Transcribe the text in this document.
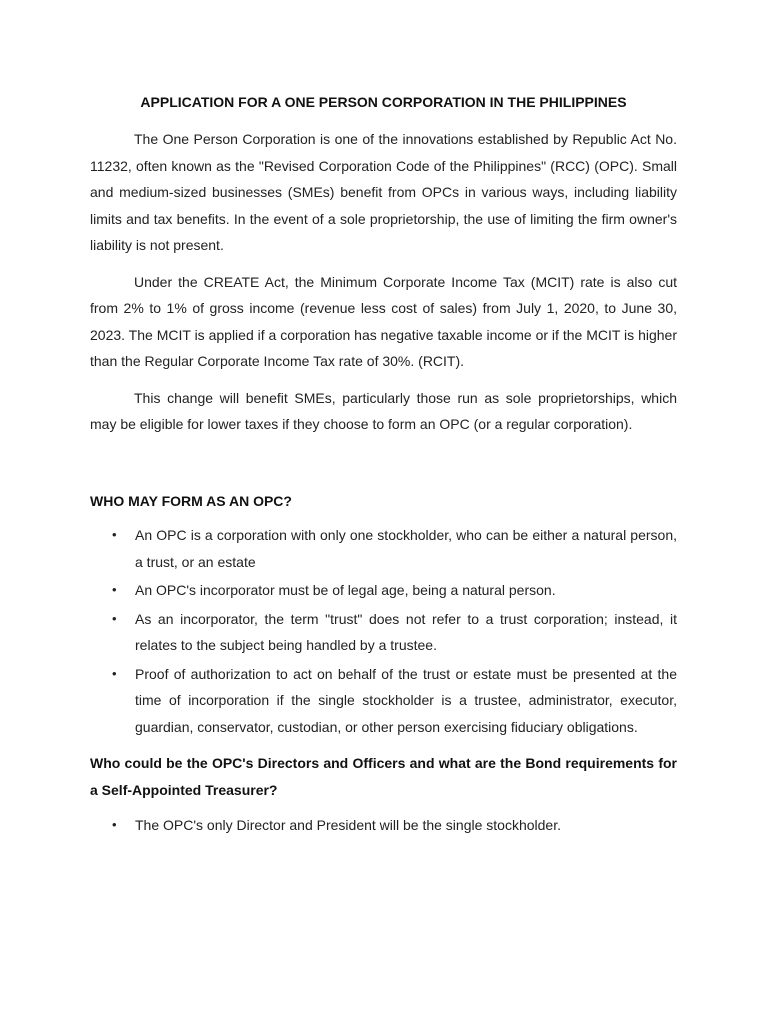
APPLICATION FOR A ONE PERSON CORPORATION IN THE PHILIPPINES

The One Person Corporation is one of the innovations established by Republic Act No. 11232, often known as the "Revised Corporation Code of the Philippines" (RCC) (OPC). Small and medium-sized businesses (SMEs) benefit from OPCs in various ways, including liability limits and tax benefits. In the event of a sole proprietorship, the use of limiting the firm owner's liability is not present.

Under the CREATE Act, the Minimum Corporate Income Tax (MCIT) rate is also cut from 2% to 1% of gross income (revenue less cost of sales) from July 1, 2020, to June 30, 2023. The MCIT is applied if a corporation has negative taxable income or if the MCIT is higher than the Regular Corporate Income Tax rate of 30%. (RCIT).

This change will benefit SMEs, particularly those run as sole proprietorships, which may be eligible for lower taxes if they choose to form an OPC (or a regular corporation).

WHO MAY FORM AS AN OPC?
• An OPC is a corporation with only one stockholder, who can be either a natural person, a trust, or an estate
• An OPC's incorporator must be of legal age, being a natural person.
• As an incorporator, the term "trust" does not refer to a trust corporation; instead, it relates to the subject being handled by a trustee.
• Proof of authorization to act on behalf of the trust or estate must be presented at the time of incorporation if the single stockholder is a trustee, administrator, executor, guardian, conservator, custodian, or other person exercising fiduciary obligations.
Who could be the OPC's Directors and Officers and what are the Bond requirements for a Self-Appointed Treasurer?
• The OPC's only Director and President will be the single stockholder.
